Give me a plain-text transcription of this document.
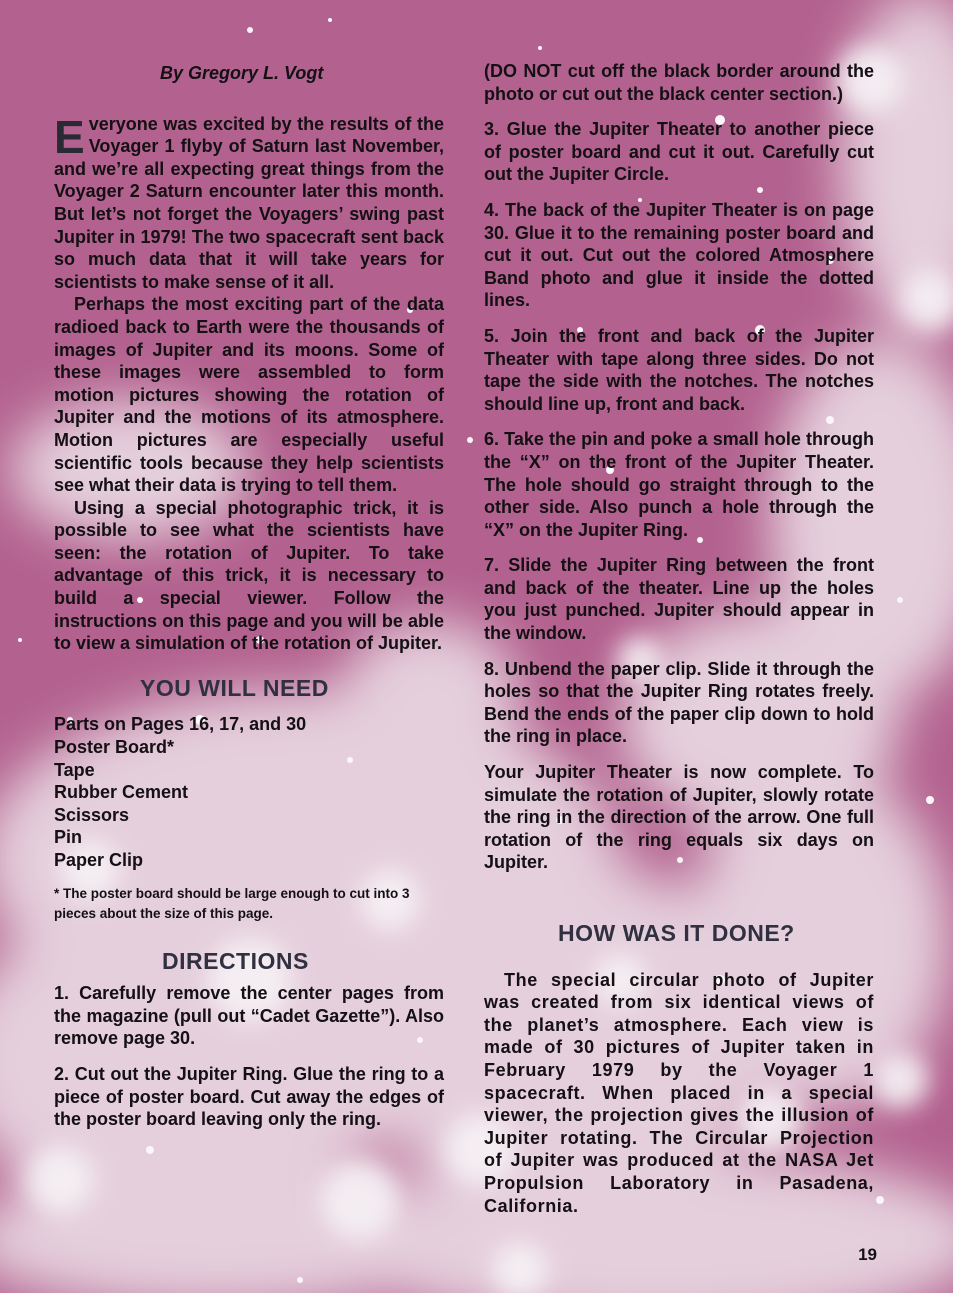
By Gregory L. Vogt

Everyone was excited by the results of the Voyager 1 flyby of Saturn last November, and we’re all expecting great things from the Voyager 2 Saturn encounter later this month. But let’s not forget the Voyagers’ swing past Jupiter in 1979! The two spacecraft sent back so much data that it will take years for scientists to make sense of it all.

Perhaps the most exciting part of the data radioed back to Earth were the thousands of images of Jupiter and its moons. Some of these images were assembled to form motion pictures showing the rotation of Jupiter and the motions of its atmosphere. Motion pictures are especially useful scientific tools because they help scientists see what their data is trying to tell them.

Using a special photographic trick, it is possible to see what the scientists have seen: the rotation of Jupiter. To take advantage of this trick, it is necessary to build a special viewer. Follow the instructions on this page and you will be able to view a simulation of the rotation of Jupiter.

YOU WILL NEED
Parts on Pages 16, 17, and 30
Poster Board*
Tape
Rubber Cement
Scissors
Pin
Paper Clip

* The poster board should be large enough to cut into 3 pieces about the size of this page.

DIRECTIONS

1. Carefully remove the center pages from the magazine (pull out “Cadet Gazette”). Also remove page 30.

2. Cut out the Jupiter Ring. Glue the ring to a piece of poster board. Cut away the edges of the poster board leaving only the ring.

(DO NOT cut off the black border around the photo or cut out the black center section.)

3. Glue the Jupiter Theater to another piece of poster board and cut it out. Carefully cut out the Jupiter Circle.

4. The back of the Jupiter Theater is on page 30. Glue it to the remaining poster board and cut it out. Cut out the colored Atmosphere Band photo and glue it inside the dotted lines.

5. Join the front and back of the Jupiter Theater with tape along three sides. Do not tape the side with the notches. The notches should line up, front and back.

6. Take the pin and poke a small hole through the “X” on the front of the Jupiter Theater. The hole should go straight through to the other side. Also punch a hole through the “X” on the Jupiter Ring.

7. Slide the Jupiter Ring between the front and back of the theater. Line up the holes you just punched. Jupiter should appear in the window.

8. Unbend the paper clip. Slide it through the holes so that the Jupiter Ring rotates freely. Bend the ends of the paper clip down to hold the ring in place.

Your Jupiter Theater is now complete. To simulate the rotation of Jupiter, slowly rotate the ring in the direction of the arrow. One full rotation of the ring equals six days on Jupiter.

HOW WAS IT DONE?

The special circular photo of Jupiter was created from six identical views of the planet’s atmosphere. Each view is made of 30 pictures of Jupiter taken in February 1979 by the Voyager 1 spacecraft. When placed in a special viewer, the projection gives the illusion of Jupiter rotating. The Circular Projection of Jupiter was produced at the NASA Jet Propulsion Laboratory in Pasadena, California.

19
